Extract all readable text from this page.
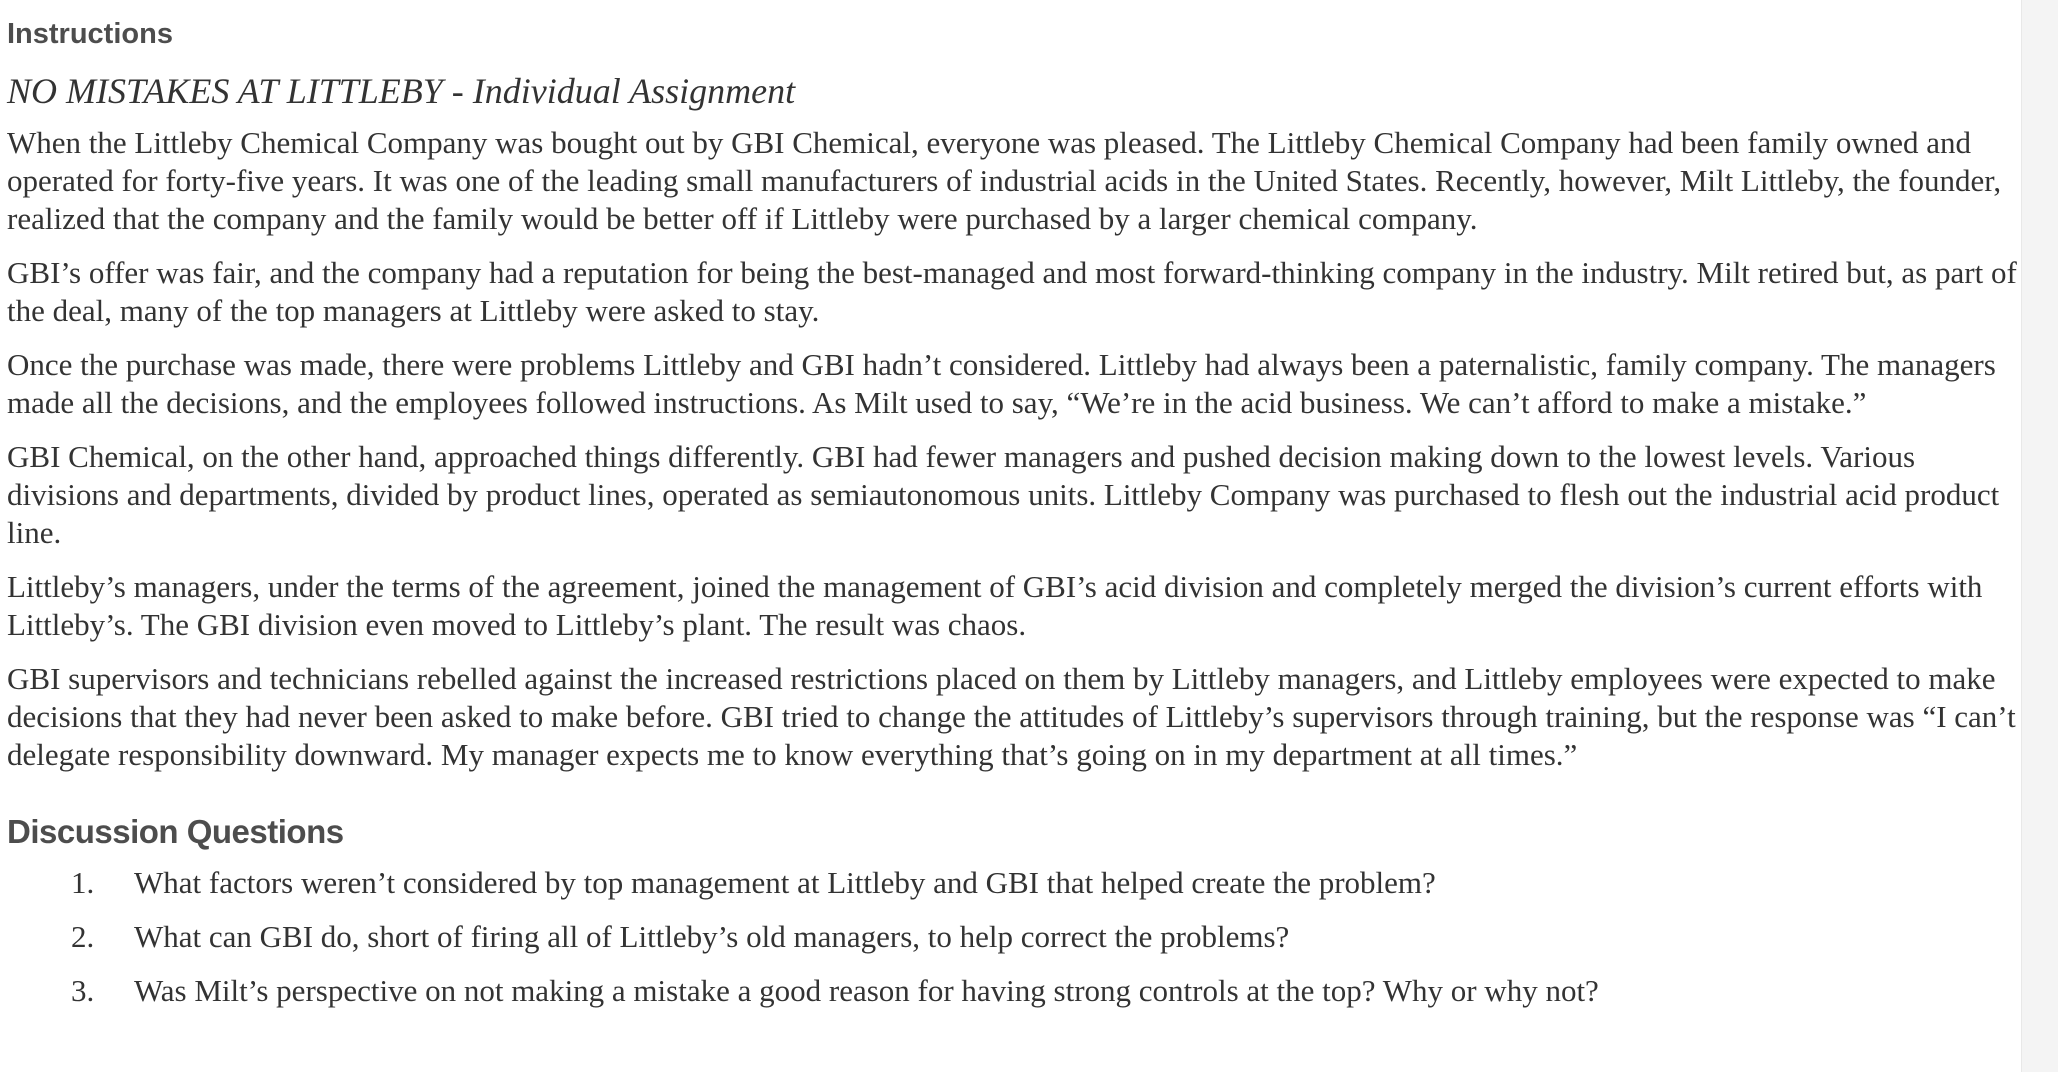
Instructions
NO MISTAKES AT LITTLEBY - Individual Assignment

When the Littleby Chemical Company was bought out by GBI Chemical, everyone was pleased. The Littleby Chemical Company had been family owned and operated for forty-five years. It was one of the leading small manufacturers of industrial acids in the United States. Recently, however, Milt Littleby, the founder, realized that the company and the family would be better off if Littleby were purchased by a larger chemical company.

GBI’s offer was fair, and the company had a reputation for being the best-managed and most forward-thinking company in the industry. Milt retired but, as part of the deal, many of the top managers at Littleby were asked to stay.

Once the purchase was made, there were problems Littleby and GBI hadn’t considered. Littleby had always been a paternalistic, family company. The managers made all the decisions, and the employees followed instructions. As Milt used to say, “We’re in the acid business. We can’t afford to make a mistake.”

GBI Chemical, on the other hand, approached things differently. GBI had fewer managers and pushed decision making down to the lowest levels. Various divisions and departments, divided by product lines, operated as semiautonomous units. Littleby Company was purchased to flesh out the industrial acid product line.

Littleby’s managers, under the terms of the agreement, joined the management of GBI’s acid division and completely merged the division’s current efforts with Littleby’s. The GBI division even moved to Littleby’s plant. The result was chaos.

GBI supervisors and technicians rebelled against the increased restrictions placed on them by Littleby managers, and Littleby employees were expected to make decisions that they had never been asked to make before. GBI tried to change the attitudes of Littleby’s supervisors through training, but the response was “I can’t delegate responsibility downward. My manager expects me to know everything that’s going on in my department at all times.”

Discussion Questions
1. What factors weren’t considered by top management at Littleby and GBI that helped create the problem?
2. What can GBI do, short of firing all of Littleby’s old managers, to help correct the problems?
3. Was Milt’s perspective on not making a mistake a good reason for having strong controls at the top? Why or why not?
